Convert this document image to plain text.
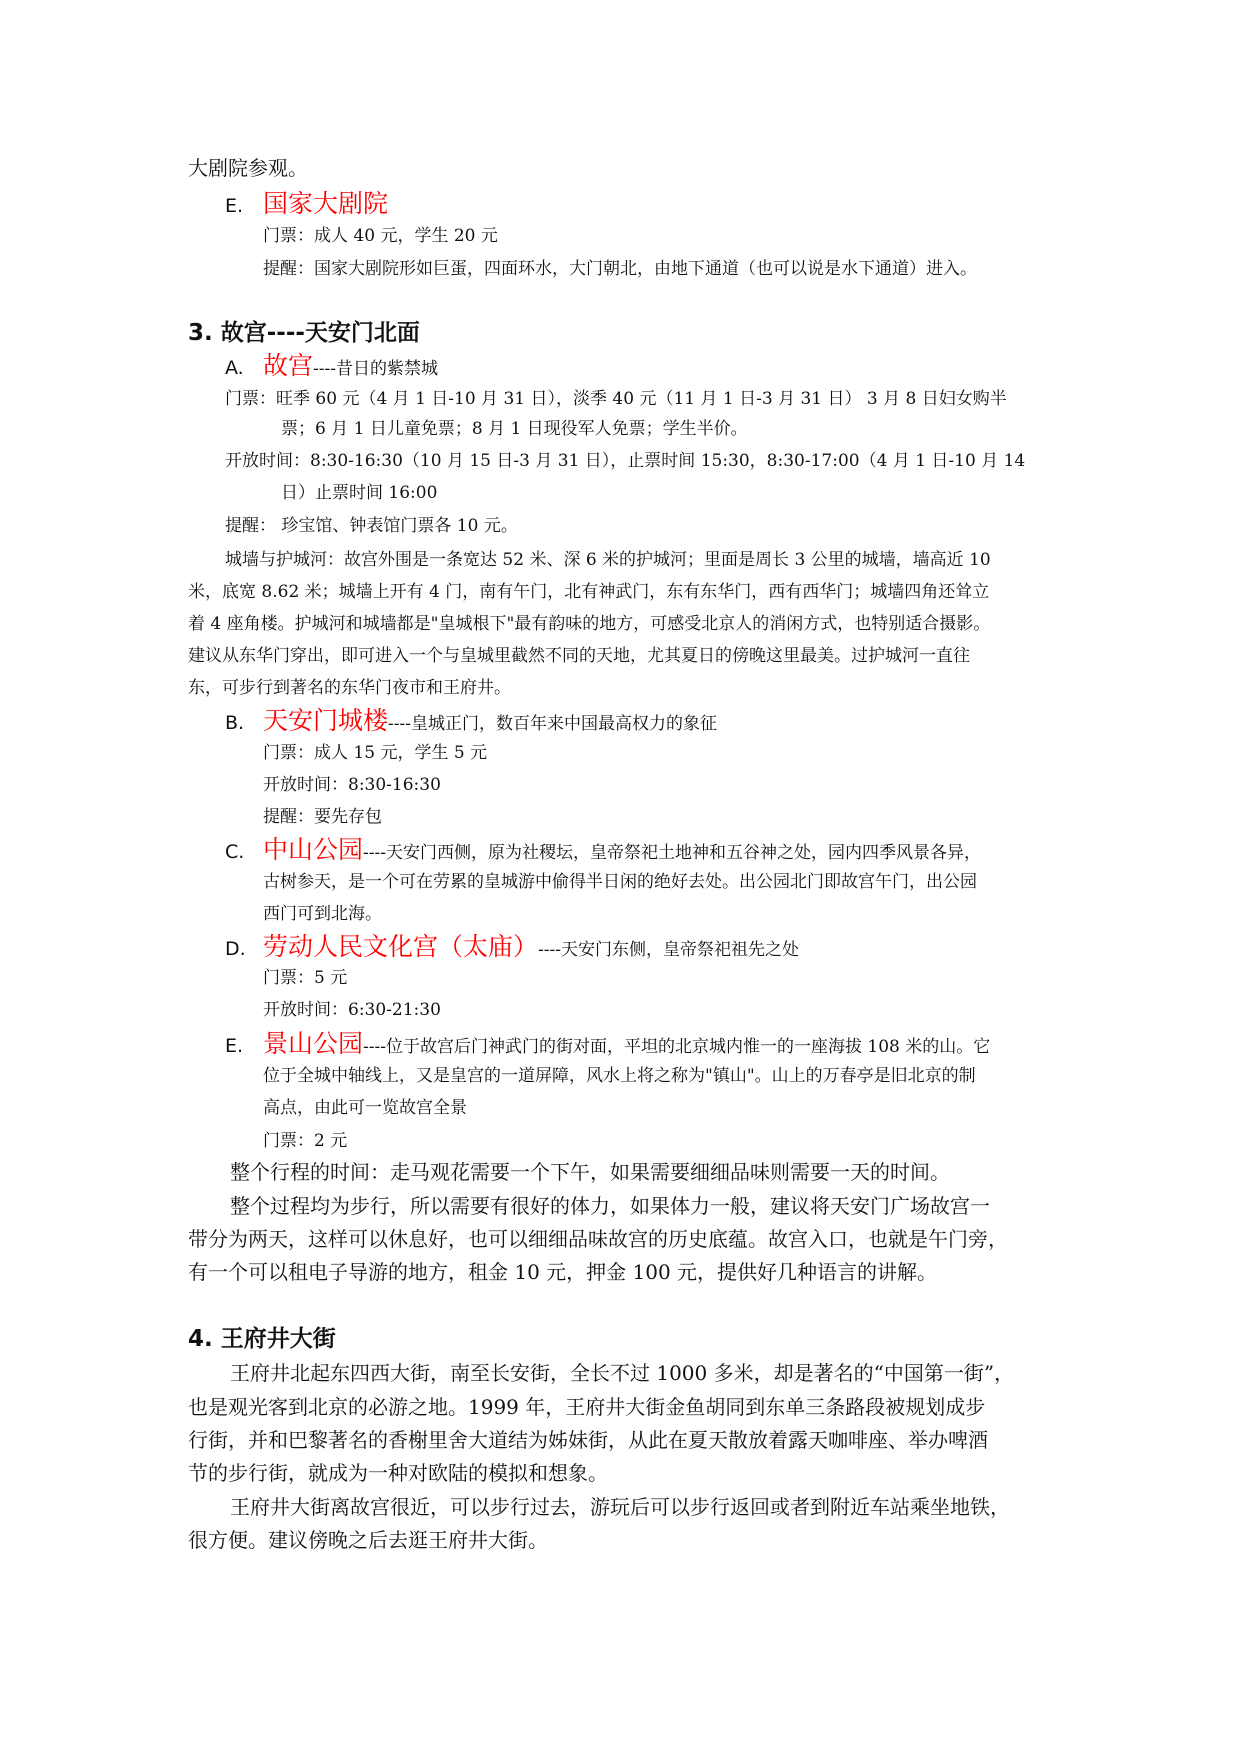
大剧院参观。
E. 国家大剧院
门票：成人 40 元，学生 20 元
提醒：国家大剧院形如巨蛋，四面环水，大门朝北，由地下通道（也可以说是水下通道）进入。
3. 故宫----天安门北面
A. 故宫----昔日的紫禁城
门票：旺季 60 元（4 月 1 日-10 月 31 日），淡季 40 元（11 月 1 日-3 月 31 日） 3 月 8 日妇女购半
票；6 月 1 日儿童免票；8 月 1 日现役军人免票；学生半价。
开放时间：8:30-16:30（10 月 15 日-3 月 31 日），止票时间 15:30，8:30-17:00（4 月 1 日-10 月 14
日）止票时间 16:00
提醒： 珍宝馆、钟表馆门票各 10 元。
城墙与护城河：故宫外围是一条宽达 52 米、深 6 米的护城河；里面是周长 3 公里的城墙，墙高近 10
米，底宽 8.62 米；城墙上开有 4 门，南有午门，北有神武门，东有东华门，西有西华门；城墙四角还耸立
着 4 座角楼。护城河和城墙都是"皇城根下"最有韵味的地方，可感受北京人的消闲方式，也特别适合摄影。
建议从东华门穿出，即可进入一个与皇城里截然不同的天地，尤其夏日的傍晚这里最美。过护城河一直往
东，可步行到著名的东华门夜市和王府井。
B. 天安门城楼----皇城正门，数百年来中国最高权力的象征
门票：成人 15 元，学生 5 元
开放时间：8:30-16:30
提醒：要先存包
C. 中山公园----天安门西侧，原为社稷坛，皇帝祭祀土地神和五谷神之处，园内四季风景各异，
古树参天，是一个可在劳累的皇城游中偷得半日闲的绝好去处。出公园北门即故宫午门，出公园
西门可到北海。
D. 劳动人民文化宫（太庙）----天安门东侧，皇帝祭祀祖先之处
门票：5 元
开放时间：6:30-21:30
E. 景山公园----位于故宫后门神武门的街对面，平坦的北京城内惟一的一座海拔 108 米的山。它
位于全城中轴线上，又是皇宫的一道屏障，风水上将之称为"镇山"。山上的万春亭是旧北京的制
高点，由此可一览故宫全景
门票：2 元
整个行程的时间：走马观花需要一个下午，如果需要细细品味则需要一天的时间。
整个过程均为步行，所以需要有很好的体力，如果体力一般，建议将天安门广场故宫一
带分为两天，这样可以休息好，也可以细细品味故宫的历史底蕴。故宫入口，也就是午门旁，
有一个可以租电子导游的地方，租金 10 元，押金 100 元，提供好几种语言的讲解。
4. 王府井大街
王府井北起东四西大街，南至长安街，全长不过 1000 多米，却是著名的“中国第一街”，
也是观光客到北京的必游之地。1999 年，王府井大街金鱼胡同到东单三条路段被规划成步
行街，并和巴黎著名的香榭里舍大道结为姊妹街，从此在夏天散放着露天咖啡座、举办啤酒
节的步行街，就成为一种对欧陆的模拟和想象。
王府井大街离故宫很近，可以步行过去，游玩后可以步行返回或者到附近车站乘坐地铁，
很方便。建议傍晚之后去逛王府井大街。
